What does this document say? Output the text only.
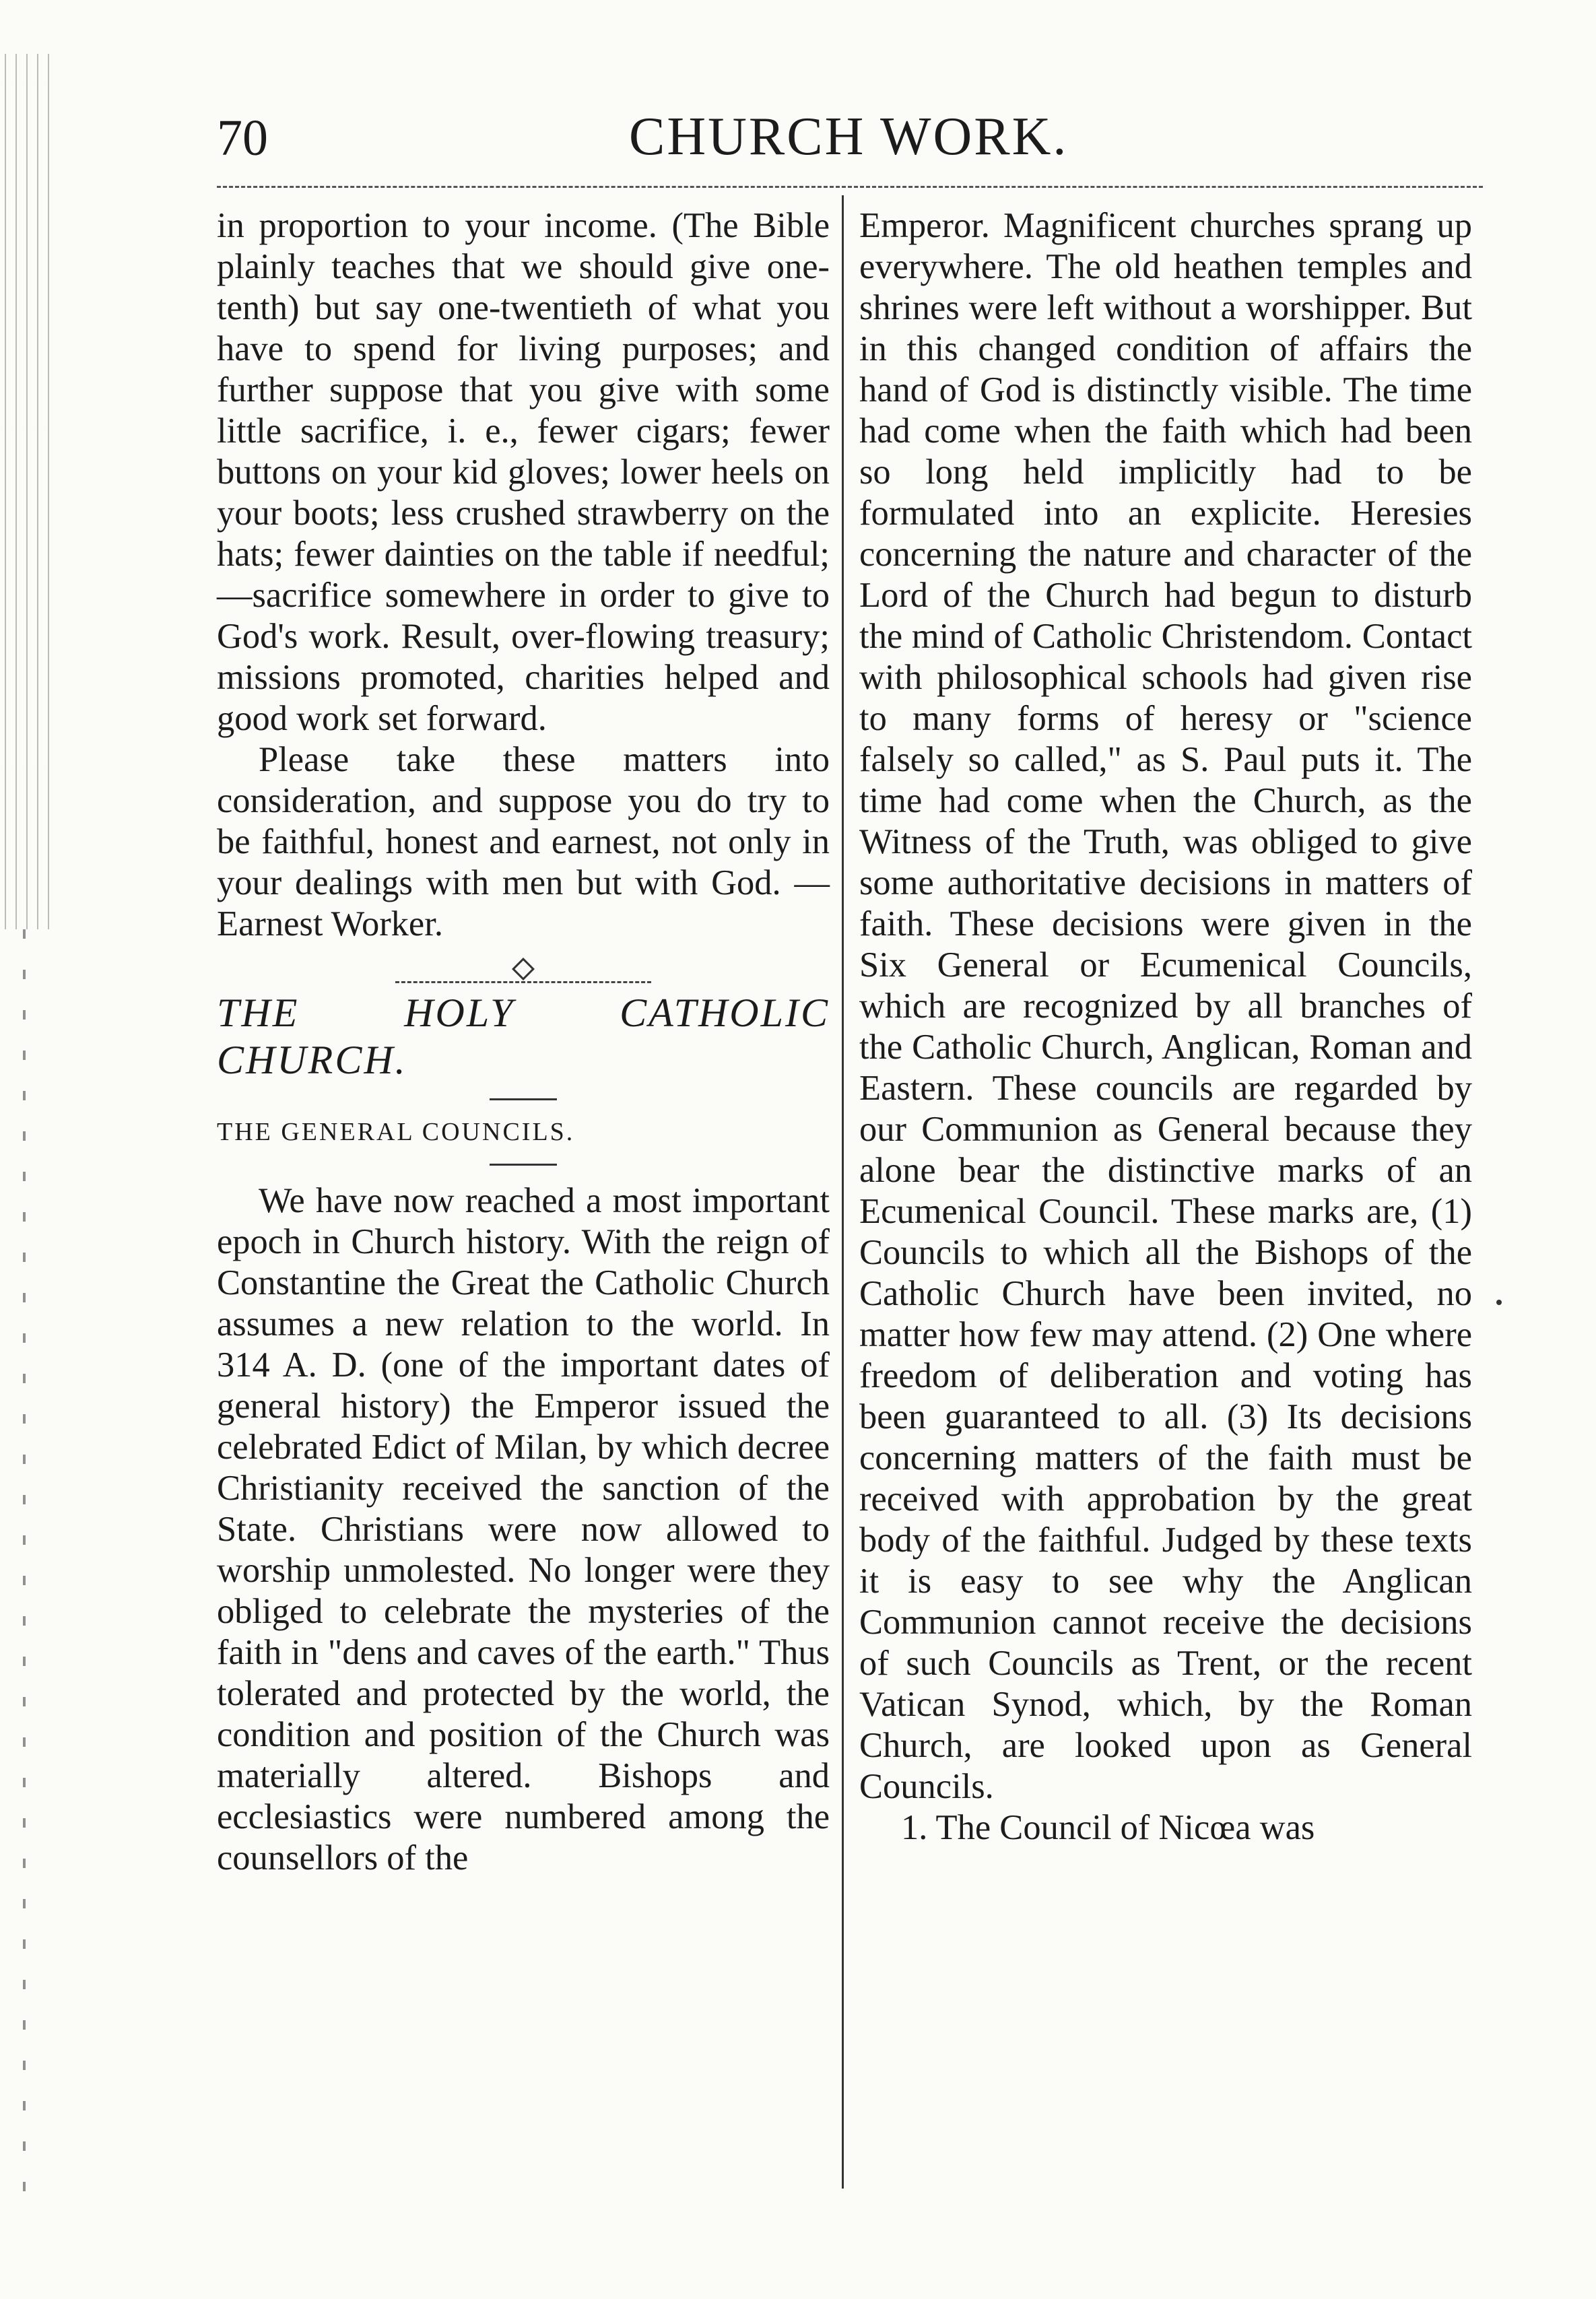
70	CHURCH WORK.

in proportion to your income. (The Bible plainly teaches that we should give one-tenth) but say one-twentieth of what you have to spend for living purposes; and further suppose that you give with some little sacrifice, i. e., fewer cigars; fewer buttons on your kid gloves; lower heels on your boots; less crushed strawberry on the hats; fewer dainties on the table if needful;—sacrifice somewhere in order to give to God's work. Result, over-flowing treasury; missions promoted, charities helped and good work set forward.

Please take these matters into consideration, and suppose you do try to be faithful, honest and earnest, not only in your dealings with men but with God. — Earnest Worker.

THE HOLY CATHOLIC CHURCH.

THE GENERAL COUNCILS.

We have now reached a most important epoch in Church history. With the reign of Constantine the Great the Catholic Church assumes a new relation to the world. In 314 A. D. (one of the important dates of general history) the Emperor issued the celebrated Edict of Milan, by which decree Christianity received the sanction of the State. Christians were now allowed to worship unmolested. No longer were they obliged to celebrate the mysteries of the faith in "dens and caves of the earth." Thus tolerated and protected by the world, the condition and position of the Church was materially altered. Bishops and ecclesiastics were numbered among the counsellors of the

Emperor. Magnificent churches sprang up everywhere. The old heathen temples and shrines were left without a worshipper. But in this changed condition of affairs the hand of God is distinctly visible. The time had come when the faith which had been so long held implicitly had to be formulated into an explicite. Heresies concerning the nature and character of the Lord of the Church had begun to disturb the mind of Catholic Christendom. Contact with philosophical schools had given rise to many forms of heresy or "science falsely so called," as S. Paul puts it. The time had come when the Church, as the Witness of the Truth, was obliged to give some authoritative decisions in matters of faith. These decisions were given in the Six General or Ecumenical Councils, which are recognized by all branches of the Catholic Church, Anglican, Roman and Eastern. These councils are regarded by our Communion as General because they alone bear the distinctive marks of an Ecumenical Council. These marks are, (1) Councils to which all the Bishops of the Catholic Church have been invited, no matter how few may attend. (2) One where freedom of deliberation and voting has been guaranteed to all. (3) Its decisions concerning matters of the faith must be received with approbation by the great body of the faithful. Judged by these texts it is easy to see why the Anglican Communion cannot receive the decisions of such Councils as Trent, or the recent Vatican Synod, which, by the Roman Church, are looked upon as General Councils.

1. The Council of Nicœa was
